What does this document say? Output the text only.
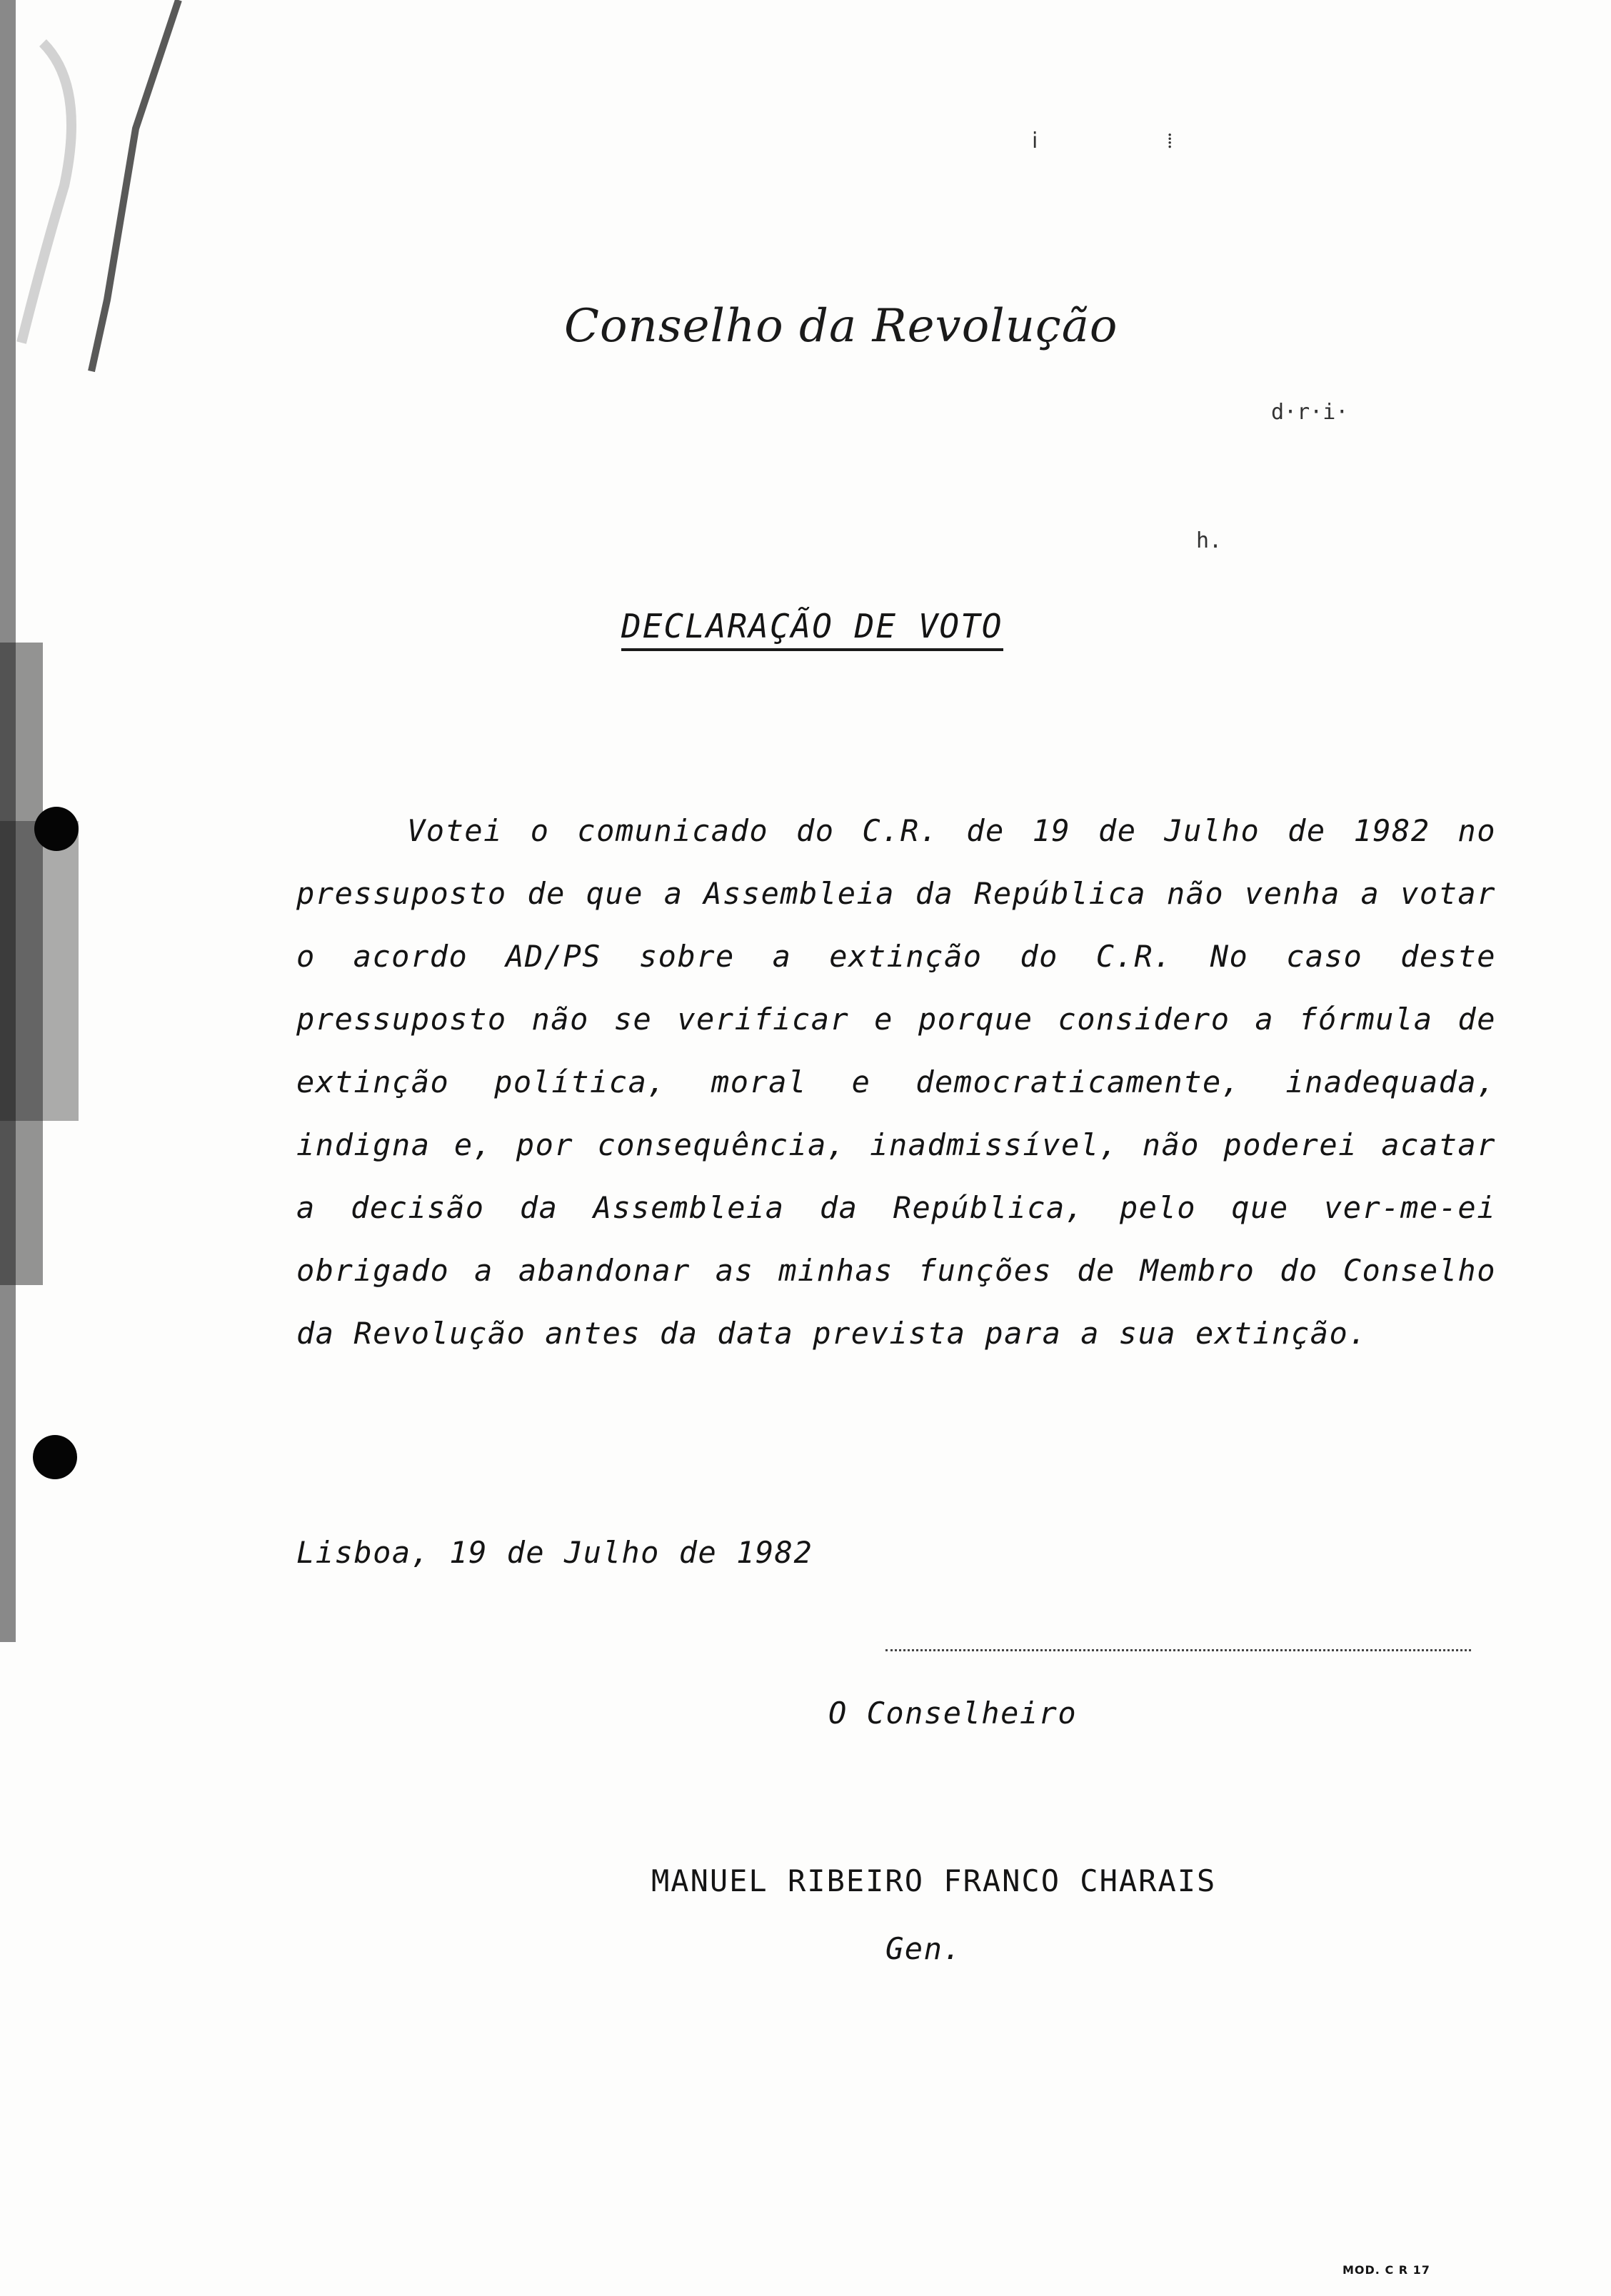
Conselho da Revolução
d·r·i·
h.
ⅰ          ⁞
DECLARAÇÃO DE VOTO
Votei o comunicado do C.R. de 19 de Julho de 1982 no pressuposto de que a Assembleia da República não venha a votar o acordo AD/PS sobre a extinção do C.R. No caso deste pressuposto não se verificar e porque considero a fórmula de extinção política, moral e democraticamente, inadequada, indigna e, por consequência, inadmissível, não poderei acatar a decisão da Assembleia da República, pelo que ver-me-ei obrigado a abandonar as minhas funções de Membro do Conselho da Revolução antes da data prevista para a sua extinção.
Lisboa, 19 de Julho de 1982
O Conselheiro
MANUEL RIBEIRO FRANCO CHARAIS
Gen.
MOD. C R 17
